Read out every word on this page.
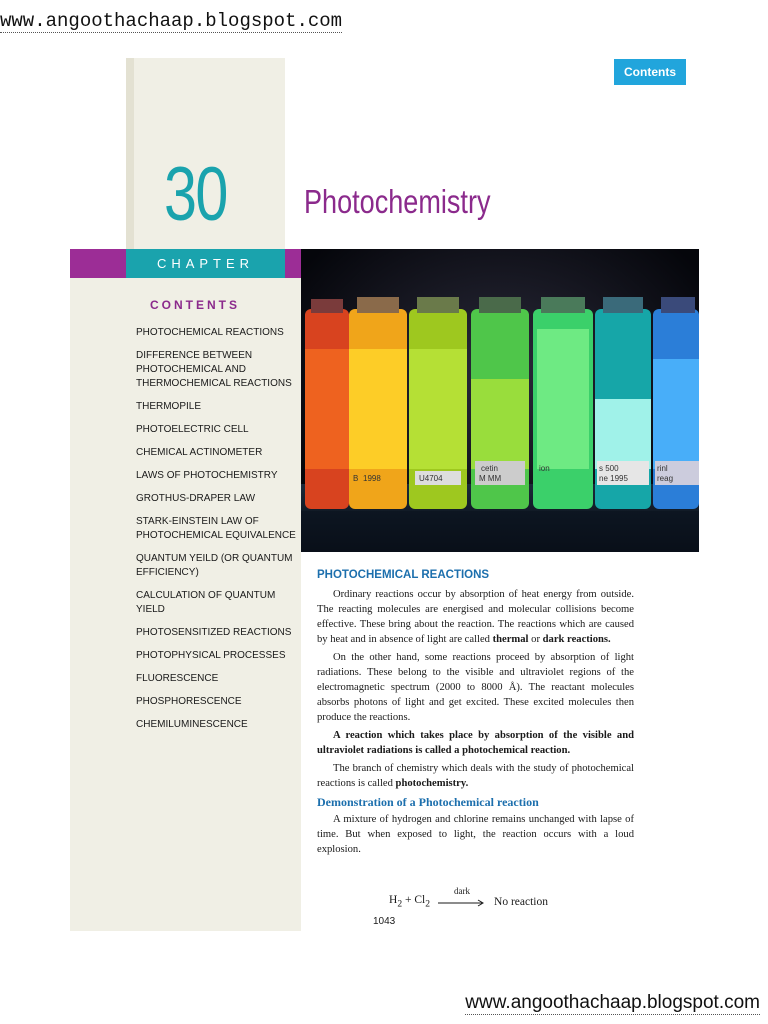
www.angoothachaap.blogspot.com
Contents
30 Photochemistry
CHAPTER
CONTENTS
PHOTOCHEMICAL REACTIONS
DIFFERENCE BETWEEN PHOTOCHEMICAL AND THERMOCHEMICAL REACTIONS
THERMOPILE
PHOTOELECTRIC CELL
CHEMICAL ACTINOMETER
LAWS OF PHOTOCHEMISTRY
GROTHUS-DRAPER LAW
STARK-EINSTEIN LAW OF PHOTOCHEMICAL EQUIVALENCE
QUANTUM YEILD (OR QUANTUM EFFICIENCY)
CALCULATION OF QUANTUM YIELD
PHOTOSENSITIZED REACTIONS
PHOTOPHYSICAL PROCESSES
FLUORESCENCE
PHOSPHORESCENCE
CHEMILUMINESCENCE
B 1998	U4704
cetin
M MM
ion	s 500
ne 1995
rinl
reag
PHOTOCHEMICAL REACTIONS

Ordinary reactions occur by absorption of heat energy from outside. The reacting molecules are energised and molecular collisions become effective. These bring about the reaction. The reactions which are caused by heat and in absence of light are called thermal or dark reactions.

On the other hand, some reactions proceed by absorption of light radiations. These belong to the visible and ultraviolet regions of the electromagnetic spectrum (2000 to 8000 Å). The reactant molecules absorbs photons of light and get excited. These excited molecules then produce the reactions.

A reaction which takes place by absorption of the visible and ultraviolet radiations is called a photochemical reaction.

The branch of chemistry which deals with the study of photochemical reactions is called photochemistry.

Demonstration of a Photochemical reaction

A mixture of hydrogen and chlorine remains unchanged with lapse of time. But when exposed to light, the reaction occurs with a loud explosion.

$H_2 + Cl_2$
dark
No reaction
1043
www.angoothachaap.blogspot.com
